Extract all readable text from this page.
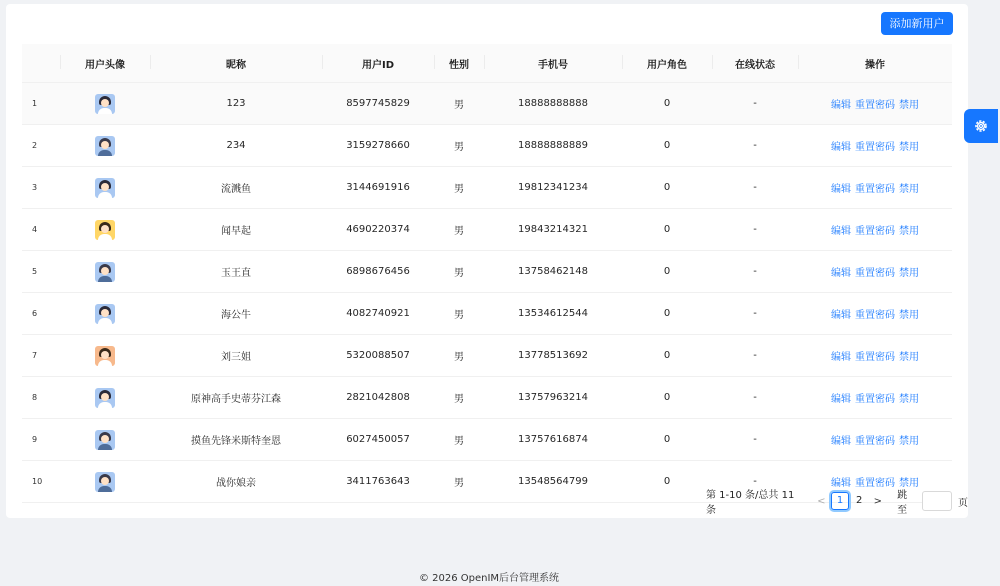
添加新用户
	用户头像	昵称	用户ID	性别	手机号	用户角色	在线状态	操作
1		123	8597745829	男	18888888888	0	-	编辑 重置密码 禁用
2		234	3159278660	男	18888888889	0	-	编辑 重置密码 禁用
3		流溅鱼	3144691916	男	19812341234	0	-	编辑 重置密码 禁用
4		闻早起	4690220374	男	19843214321	0	-	编辑 重置密码 禁用
5		玉王直	6898676456	男	13758462148	0	-	编辑 重置密码 禁用
6		海公牛	4082740921	男	13534612544	0	-	编辑 重置密码 禁用
7		刘三姐	5320088507	男	13778513692	0	-	编辑 重置密码 禁用
8		原神高手史蒂芬江森	2821042808	男	13757963214	0	-	编辑 重置密码 禁用
9		摸鱼先锋米斯特奎恩	6027450057	男	13757616874	0	-	编辑 重置密码 禁用
10		战你娘亲	3411763643	男	13548564799	0	-	编辑 重置密码 禁用
第 1-10 条/总共 11 条
<	1	2	> 跳至
页
© 2026 OpenIM后台管理系统
